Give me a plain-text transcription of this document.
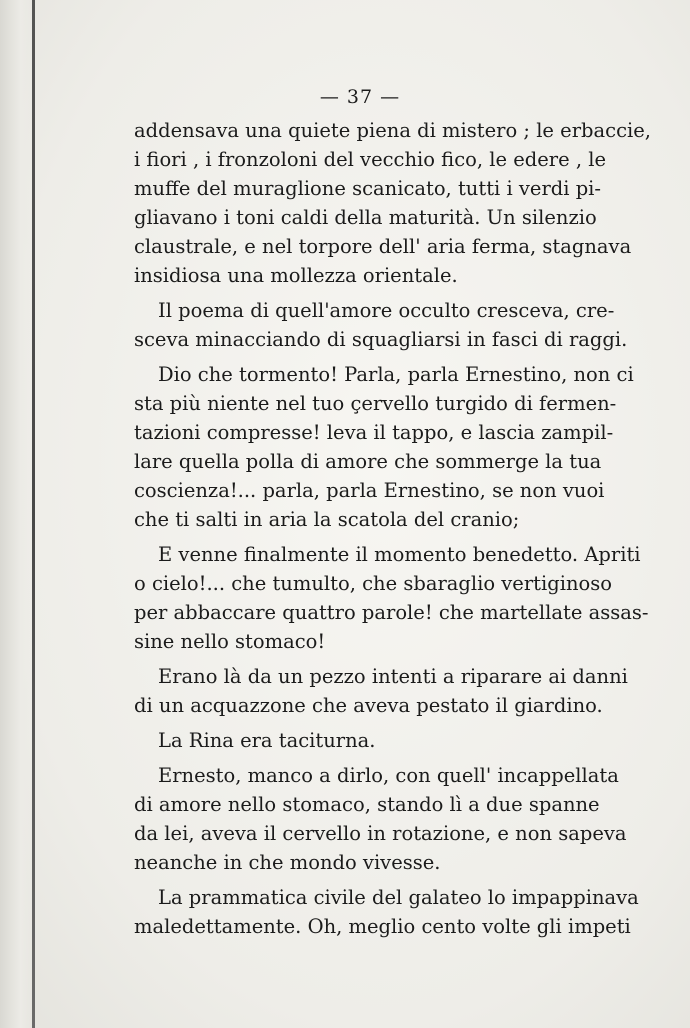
— 37 —
addensava una quiete piena di mistero ; le erbaccie,
i fiori , i fronzoloni del vecchio fico, le edere , le
muffe del muraglione scanicato, tutti i verdi pi-
gliavano i toni caldi della maturità. Un silenzio
claustrale, e nel torpore dell' aria ferma, stagnava
insidiosa una mollezza orientale.
Il poema di quell'amore occulto cresceva, cre-
sceva minacciando di squagliarsi in fasci di raggi.
Dio che tormento! Parla, parla Ernestino, non ci
sta più niente nel tuo çervello turgido di fermen-
tazioni compresse! leva il tappo, e lascia zampil-
lare quella polla di amore che sommerge la tua
coscienza!... parla, parla Ernestino, se non vuoi
che ti salti in aria la scatola del cranio;
E venne finalmente il momento benedetto. Apriti
o cielo!... che tumulto, che sbaraglio vertiginoso
per abbaccare quattro parole! che martellate assas-
sine nello stomaco!
Erano là da un pezzo intenti a riparare ai danni
di un acquazzone che aveva pestato il giardino.
La Rina era taciturna.
Ernesto, manco a dirlo, con quell' incappellata
di amore nello stomaco, stando lì a due spanne
da lei, aveva il cervello in rotazione, e non sapeva
neanche in che mondo vivesse.
La prammatica civile del galateo lo impappinava
maledettamente. Oh, meglio cento volte gli impeti
